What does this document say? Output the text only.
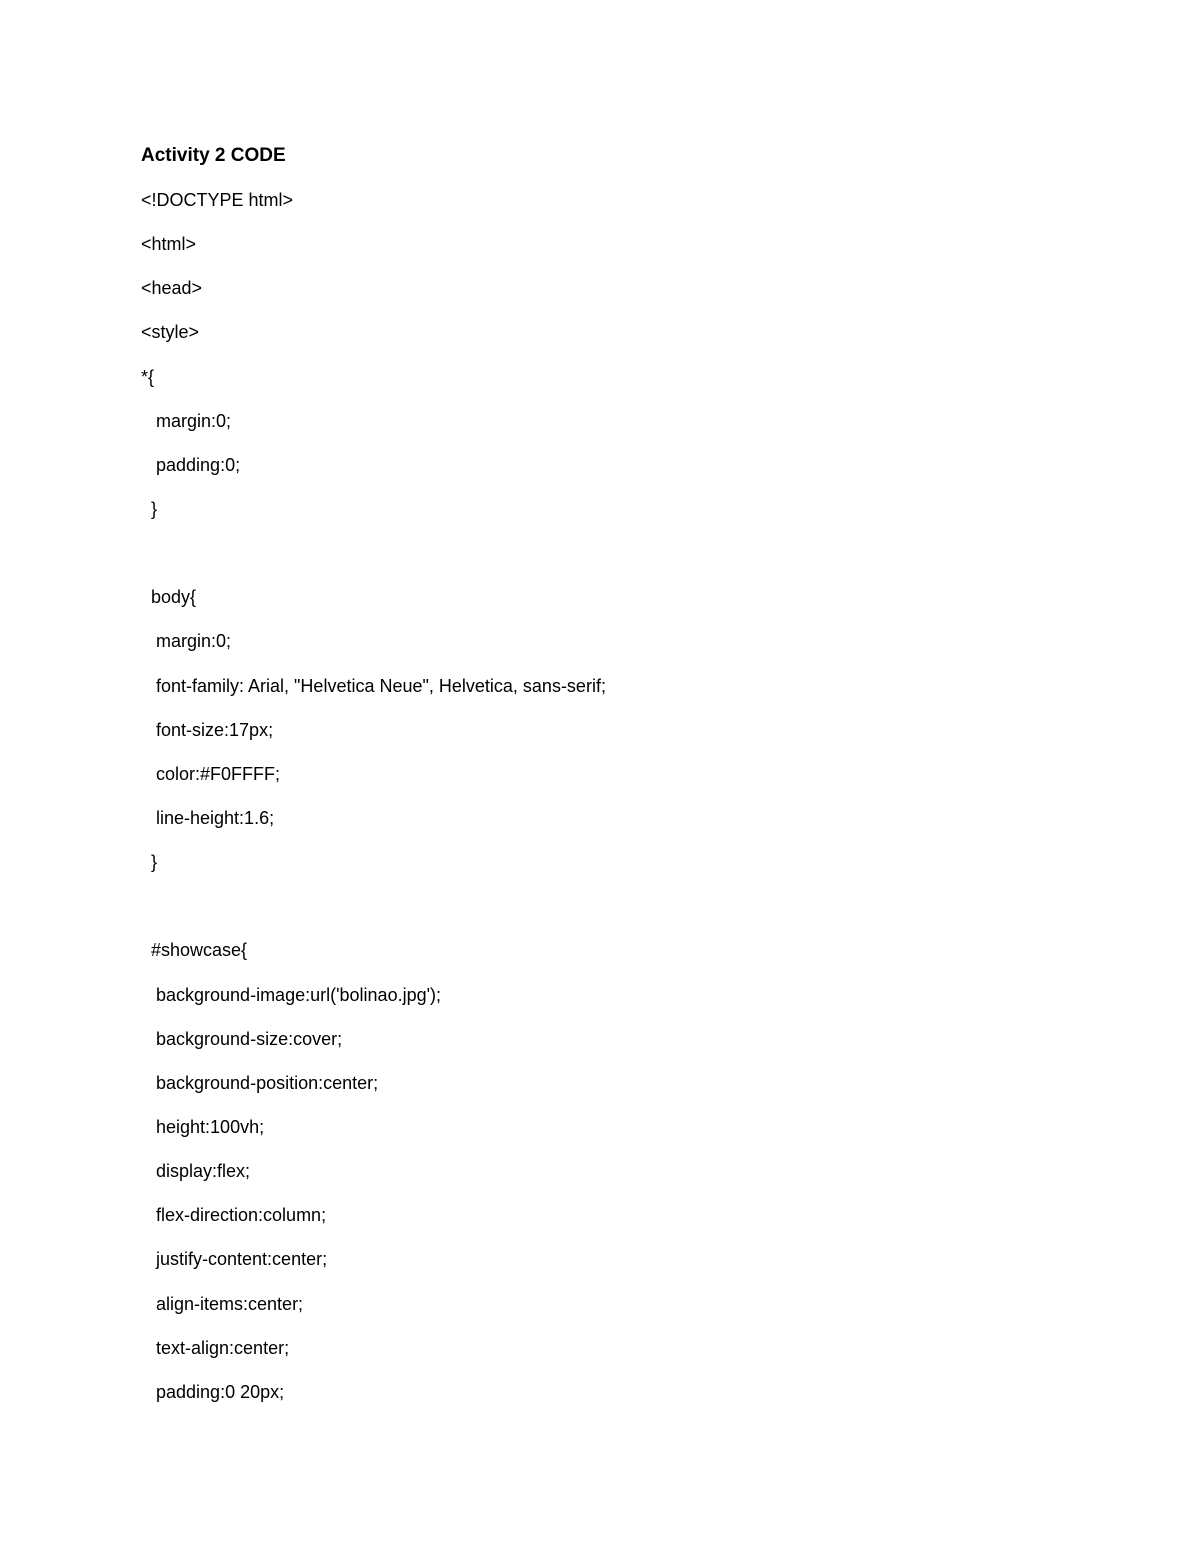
Activity 2 CODE
<!DOCTYPE html>
<html>
<head>
<style>
*{
margin:0;
padding:0;
}
body{
margin:0;
font-family: Arial, "Helvetica Neue", Helvetica, sans-serif;
font-size:17px;
color:#F0FFFF;
line-height:1.6;
}
#showcase{
background-image:url('bolinao.jpg');
background-size:cover;
background-position:center;
height:100vh;
display:flex;
flex-direction:column;
justify-content:center;
align-items:center;
text-align:center;
padding:0 20px;
